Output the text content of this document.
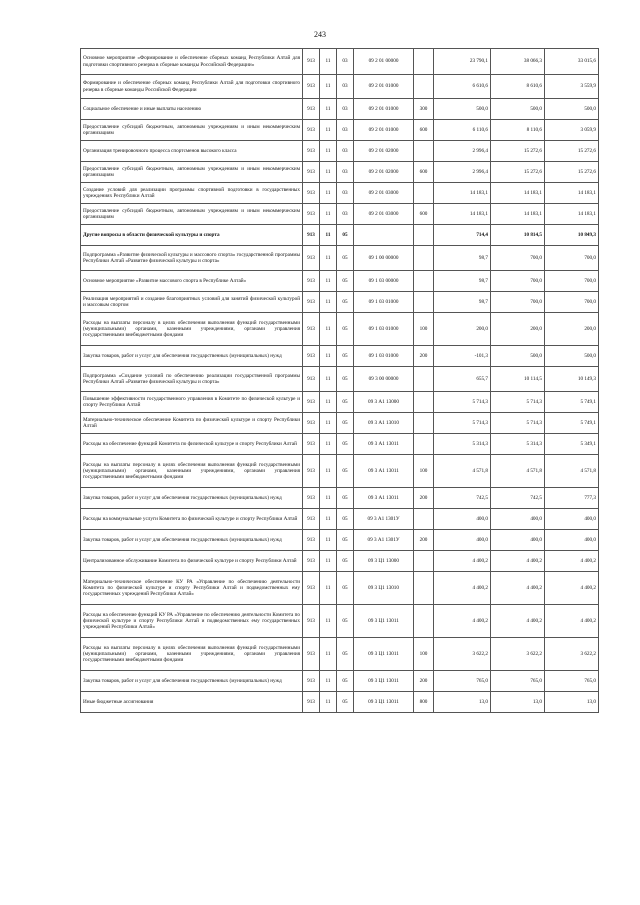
243
Основное мероприятие «Формирование и обеспечение сборных команд Республики Алтай для подготовки спортивного резерва в сборные команды Российской Федерации»	913	11	03	09 2 01 00000		23 790,1	38 066,3	33 015,6
Формирование и обеспечение сборных команд Республики Алтай для подготовки спортивного резерва в сборные команды Российской Федерации	913	11	03	09 2 01 01000		6 610,6	8 610,6	3 559,9
Социальное обеспечение и иные выплаты населению	913	11	03	09 2 01 01000	300	500,0	500,0	500,0
Предоставление субсидий бюджетным, автономным учреждениям и иным некоммерческим организациям	913	11	03	09 2 01 01000	600	6 110,6	8 110,6	3 059,9
Организация тренировочного процесса спортсменов высокого класса	913	11	03	09 2 01 02000		2 996,4	15 272,6	15 272,6
Предоставление субсидий бюджетным, автономным учреждениям и иным некоммерческим организациям	913	11	03	09 2 01 02000	600	2 996,4	15 272,6	15 272,6
Создание условий для реализации программы спортивной подготовки в государственных учреждениях Республики Алтай	913	11	03	09 2 01 03000		14 183,1	14 183,1	14 183,1
Предоставление субсидий бюджетным, автономным учреждениям и иным некоммерческим организациям	913	11	03	09 2 01 03000	600	14 183,1	14 183,1	14 183,1
Другие вопросы в области физической культуры и спорта	913	11	05			714,4	10 814,5	10 849,3
Подпрограмма «Развитие физической культуры и массового спорта» государственной программы Республики Алтай «Развитие физической культуры и спорта»	913	11	05	09 1 00 00000		98,7	700,0	700,0
Основное мероприятие «Развитие массового спорта в Республике Алтай»	913	11	05	09 1 03 00000		98,7	700,0	700,0
Реализация мероприятий и создание благоприятных условий для занятий физической культурой и массовым спортом	913	11	05	09 1 03 01000		98,7	700,0	700,0
Расходы на выплаты персоналу в целях обеспечения выполнения функций государственными (муниципальными) органами, казенными учреждениями, органами управления государственными внебюджетными фондами	913	11	05	09 1 03 01000	100	200,0	200,0	200,0
Закупка товаров, работ и услуг для обеспечения государственных (муниципальных) нужд	913	11	05	09 1 03 01000	200	-101,3	500,0	500,0
Подпрограмма «Создание условий по обеспечению реализации государственной программы Республики Алтай «Развитие физической культуры и спорта»	913	11	05	09 3 00 00000		655,7	10 114,5	10 149,3
Повышение эффективности государственного управления в Комитете по физической культуре и спорту Республики Алтай	913	11	05	09 3 А1 13000		5 714,3	5 714,3	5 749,1
Материально-техническое обеспечение Комитета по физической культуре и спорту Республики Алтай	913	11	05	09 3 А1 13010		5 714,3	5 714,3	5 749,1
Расходы на обеспечение функций Комитета по физической культуре и спорту Республики Алтай	913	11	05	09 3 А1 13011		5 314,3	5 314,3	5 349,1
Расходы на выплаты персоналу в целях обеспечения выполнения функций государственными (муниципальными) органами, казенными учреждениями, органами управления государственными внебюджетными фондами	913	11	05	09 3 А1 13011	100	4 571,8	4 571,8	4 571,8
Закупка товаров, работ и услуг для обеспечения государственных (муниципальных) нужд	913	11	05	09 3 А1 13011	200	742,5	742,5	777,3
Расходы на коммунальные услуги Комитета по физической культуре и спорту Республики Алтай	913	11	05	09 3 А1 1301У		400,0	400,0	400,0
Закупка товаров, работ и услуг для обеспечения государственных (муниципальных) нужд	913	11	05	09 3 А1 1301У	200	400,0	400,0	400,0
Централизованное обслуживание Комитета по физической культуре и спорту Республики Алтай	913	11	05	09 3 Ц1 13000		4 400,2	4 400,2	4 400,2
Материально-техническое обеспечение КУ РА «Управление по обеспечению деятельности Комитета по физической культуре и спорту Республики Алтай и подведомственных ему государственных учреждений Республики Алтай»	913	11	05	09 3 Ц1 13010		4 400,2	4 400,2	4 400,2
Расходы на обеспечение функций КУ РА «Управление по обеспечению деятельности Комитета по физической культуре и спорту Республики Алтай и подведомственных ему государственных учреждений Республики Алтай»	913	11	05	09 3 Ц1 13011		4 400,2	4 400,2	4 400,2
Расходы на выплаты персоналу в целях обеспечения выполнения функций государственными (муниципальными) органами, казенными учреждениями, органами управления государственными внебюджетными фондами	913	11	05	09 3 Ц1 13011	100	3 622,2	3 622,2	3 622,2
Закупка товаров, работ и услуг для обеспечения государственных (муниципальных) нужд	913	11	05	09 3 Ц1 13011	200	765,0	765,0	765,0
Иные бюджетные ассигнования	913	11	05	09 3 Ц1 13011	800	13,0	13,0	13,0
